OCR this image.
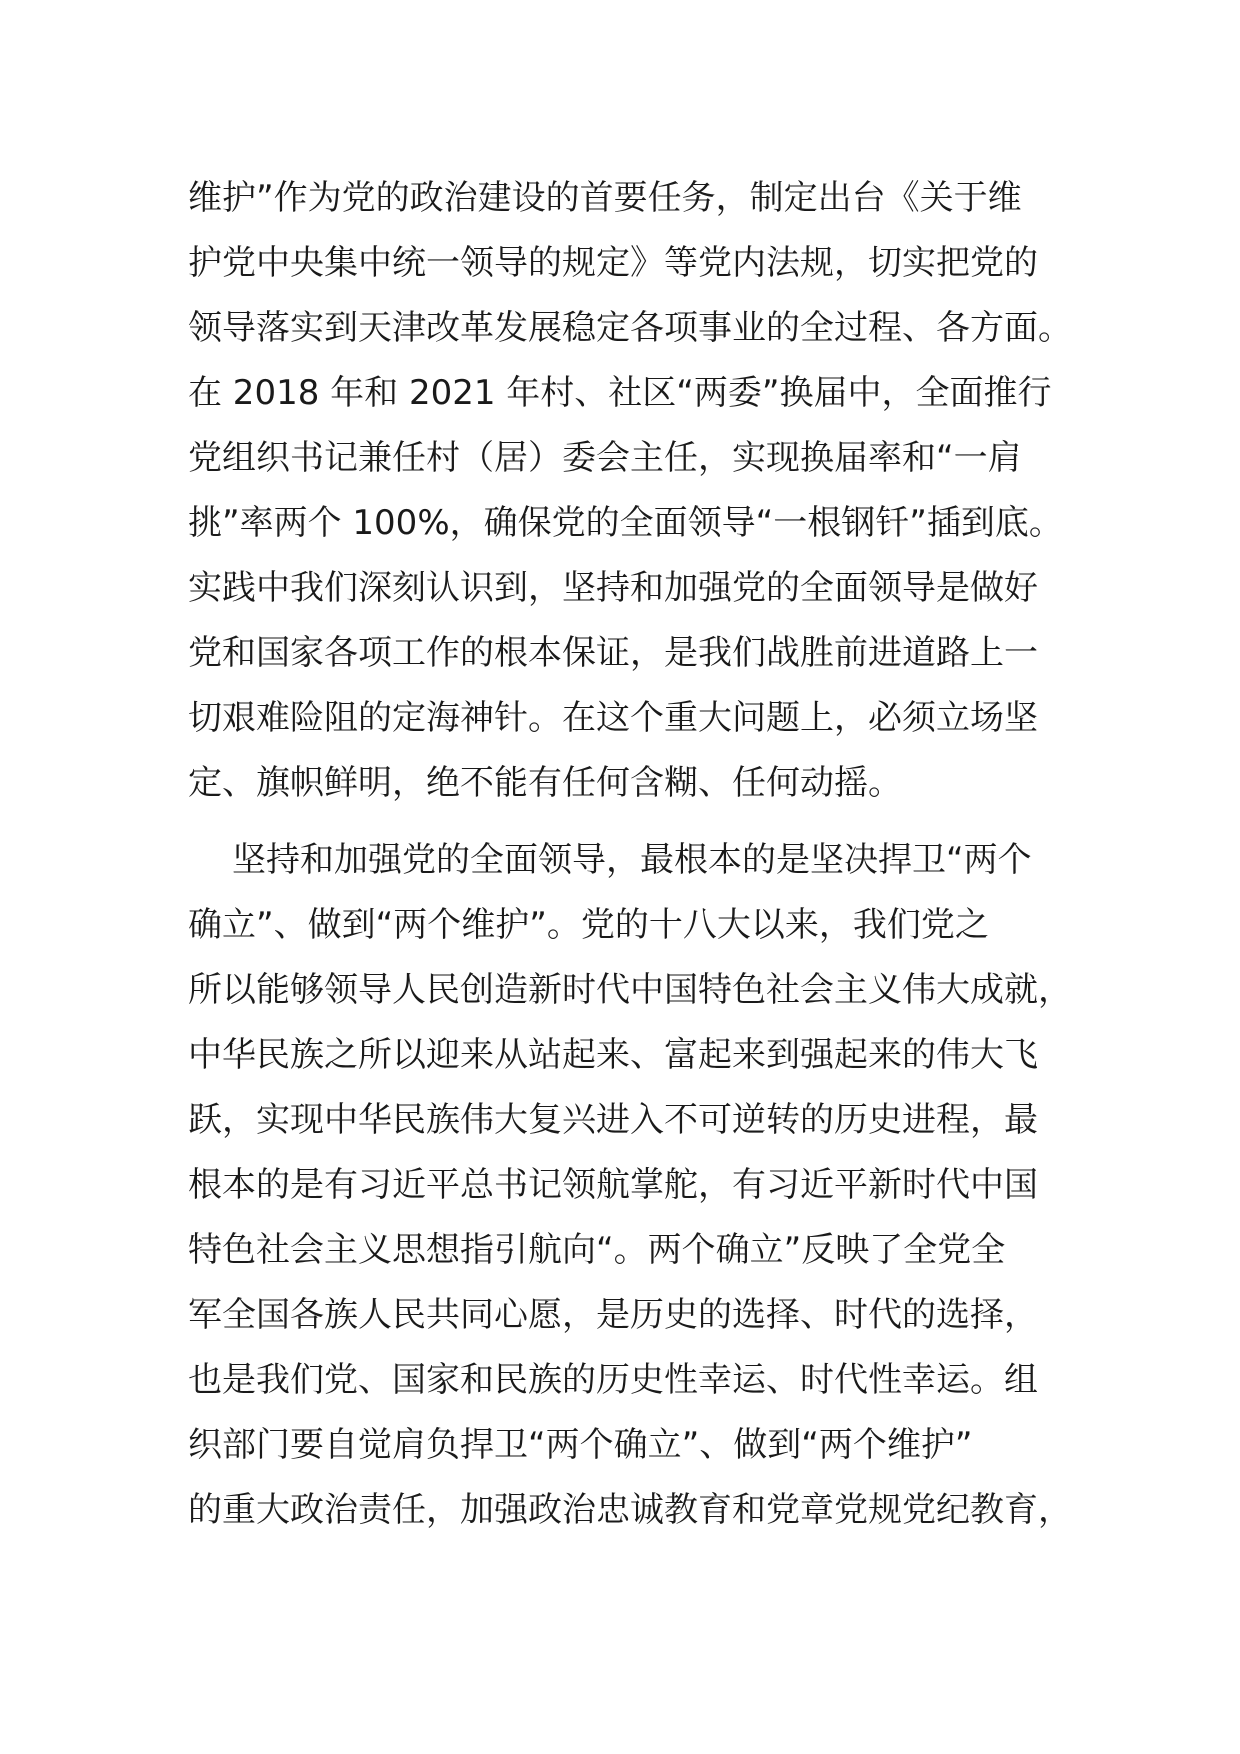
维护”作为党的政治建设的首要任务，制定出台《关于维
护党中央集中统一领导的规定》等党内法规，切实把党的
领导落实到天津改革发展稳定各项事业的全过程、各方面。
在 2018 年和 2021 年村、社区“两委”换届中，全面推行
党组织书记兼任村（居）委会主任，实现换届率和“一肩
挑”率两个 100%，确保党的全面领导“一根钢钎”插到底。
实践中我们深刻认识到，坚持和加强党的全面领导是做好
党和国家各项工作的根本保证，是我们战胜前进道路上一
切艰难险阻的定海神针。在这个重大问题上，必须立场坚
定、旗帜鲜明，绝不能有任何含糊、任何动摇。

坚持和加强党的全面领导，最根本的是坚决捍卫“两个
确立”、做到“两个维护”。党的十八大以来，我们党之
所以能够领导人民创造新时代中国特色社会主义伟大成就，
中华民族之所以迎来从站起来、富起来到强起来的伟大飞
跃，实现中华民族伟大复兴进入不可逆转的历史进程，最
根本的是有习近平总书记领航掌舵，有习近平新时代中国
特色社会主义思想指引航向“。两个确立”反映了全党全
军全国各族人民共同心愿，是历史的选择、时代的选择，
也是我们党、国家和民族的历史性幸运、时代性幸运。组
织部门要自觉肩负捍卫“两个确立”、做到“两个维护”
的重大政治责任，加强政治忠诚教育和党章党规党纪教育，
